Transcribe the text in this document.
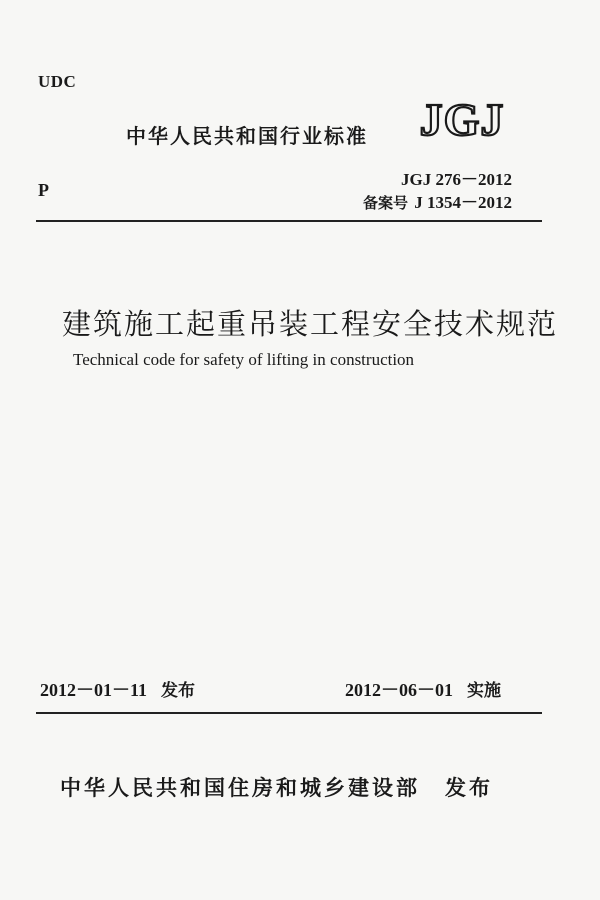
UDC
中华人民共和国行业标准 JGJ
JGJ 276－2012
备案号 J 1354－2012
P
建筑施工起重吊装工程安全技术规范
Technical code for safety of lifting in construction
2012－01－11 发布	2012－06－01 实施
中华人民共和国住房和城乡建设部 发布
